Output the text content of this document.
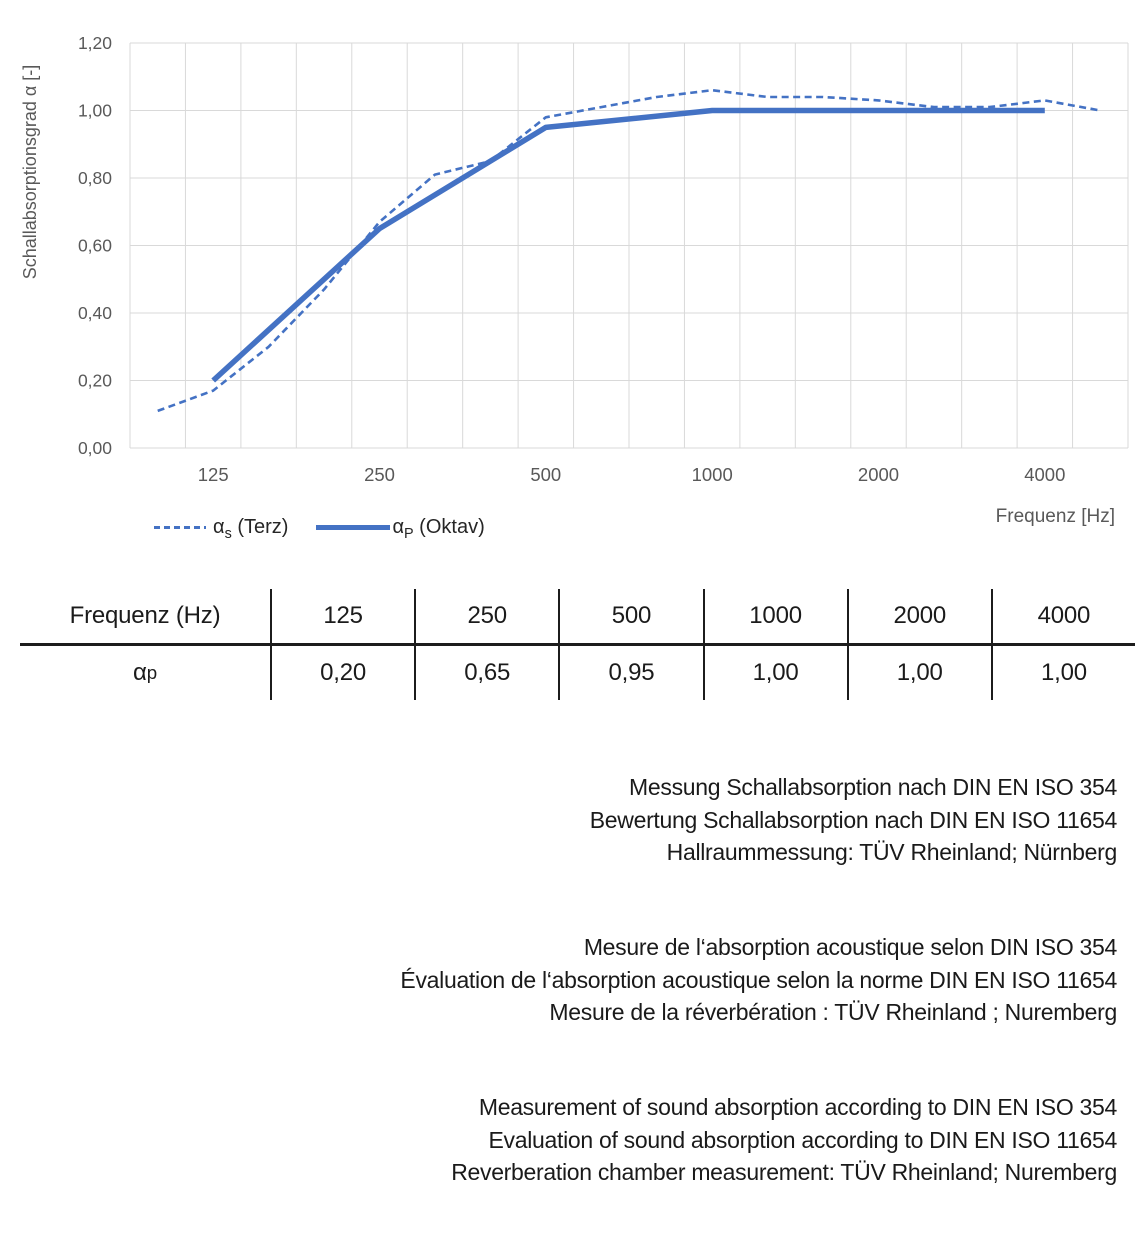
1,20
1,00
0,80
0,60
0,40
0,20
0,00
125	250	500	1000	2000	4000
Schallabsorptionsgrad α [-]
Frequenz [Hz]
$\alpha_s$ (Terz)	$\alpha_P$ (Oktav)
Frequenz (Hz)	125	250	500	1000	2000	4000
α p	0,20	0,65	0,95	1,00	1,00	1,00
Messung Schallabsorption nach DIN EN ISO 354
Bewertung Schallabsorption nach DIN EN ISO 11654
Hallraummessung: TÜV Rheinland; Nürnberg
Mesure de l‘absorption acoustique selon DIN ISO 354
Évaluation de l‘absorption acoustique selon la norme DIN EN ISO 11654
Mesure de la réverbération : TÜV Rheinland ; Nuremberg
Measurement of sound absorption according to DIN EN ISO 354
Evaluation of sound absorption according to DIN EN ISO 11654
Reverberation chamber measurement: TÜV Rheinland; Nuremberg
